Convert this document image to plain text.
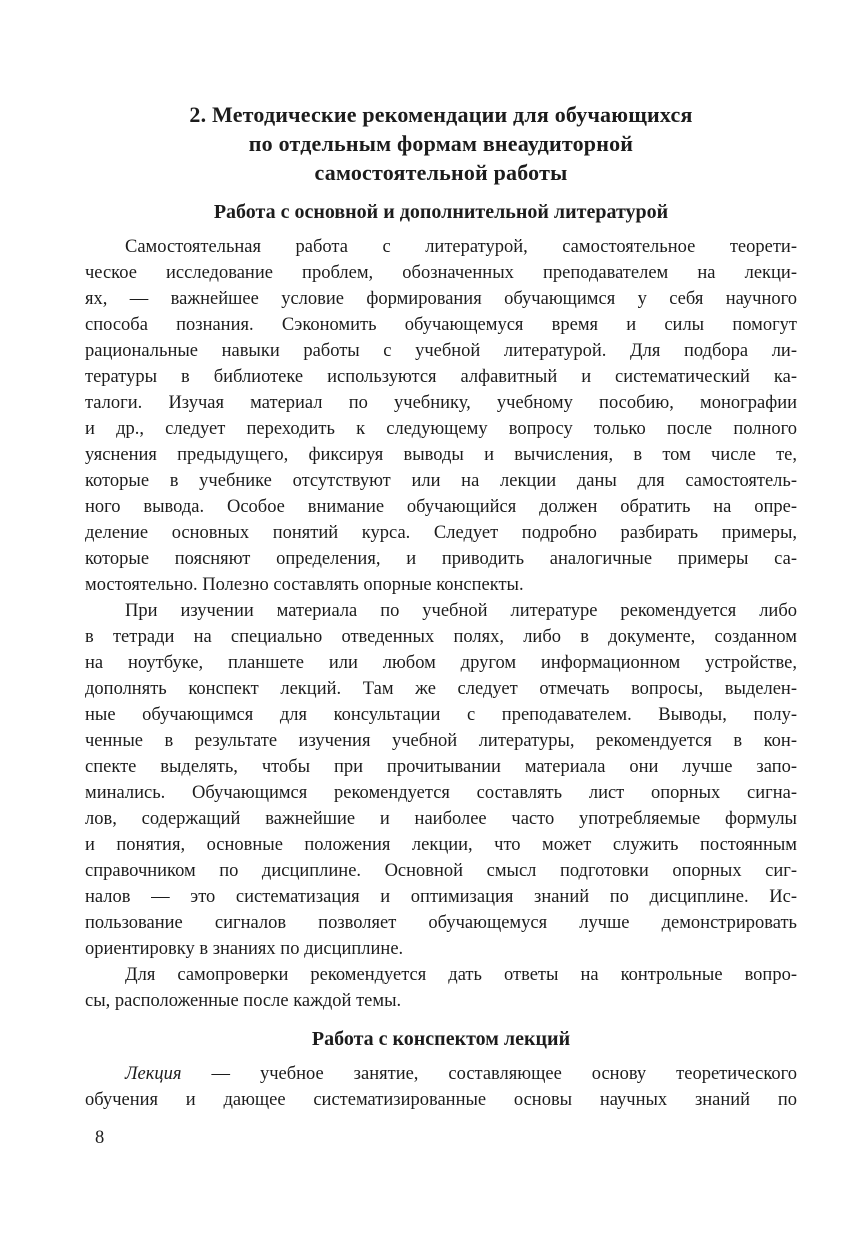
2. Методические рекомендации для обучающихся
по отдельным формам внеаудиторной
самостоятельной работы
Работа с основной и дополнительной литературой
Самостоятельная работа с литературой, самостоятельное теорети-
ческое исследование проблем, обозначенных преподавателем на лекци-
ях, — важнейшее условие формирования обучающимся у себя научного
способа познания. Сэкономить обучающемуся время и силы помогут
рациональные навыки работы с учебной литературой. Для подбора ли-
тературы в библиотеке используются алфавитный и систематический ка-
талоги. Изучая материал по учебнику, учебному пособию, монографии
и др., следует переходить к следующему вопросу только после полного
уяснения предыдущего, фиксируя выводы и вычисления, в том числе те,
которые в учебнике отсутствуют или на лекции даны для самостоятель-
ного вывода. Особое внимание обучающийся должен обратить на опре-
деление основных понятий курса. Следует подробно разбирать примеры,
которые поясняют определения, и приводить аналогичные примеры са-
мостоятельно. Полезно составлять опорные конспекты.
При изучении материала по учебной литературе рекомендуется либо
в тетради на специально отведенных полях, либо в документе, созданном
на ноутбуке, планшете или любом другом информационном устройстве,
дополнять конспект лекций. Там же следует отмечать вопросы, выделен-
ные обучающимся для консультации с преподавателем. Выводы, полу-
ченные в результате изучения учебной литературы, рекомендуется в кон-
спекте выделять, чтобы при прочитывании материала они лучше запо-
минались. Обучающимся рекомендуется составлять лист опорных сигна-
лов, содержащий важнейшие и наиболее часто употребляемые формулы
и понятия, основные положения лекции, что может служить постоянным
справочником по дисциплине. Основной смысл подготовки опорных сиг-
налов — это систематизация и оптимизация знаний по дисциплине. Ис-
пользование сигналов позволяет обучающемуся лучше демонстрировать
ориентировку в знаниях по дисциплине.
Для самопроверки рекомендуется дать ответы на контрольные вопро-
сы, расположенные после каждой темы.
Работа с конспектом лекций
Лекция — учебное занятие, составляющее основу теоретического
обучения и дающее систематизированные основы научных знаний по
8
